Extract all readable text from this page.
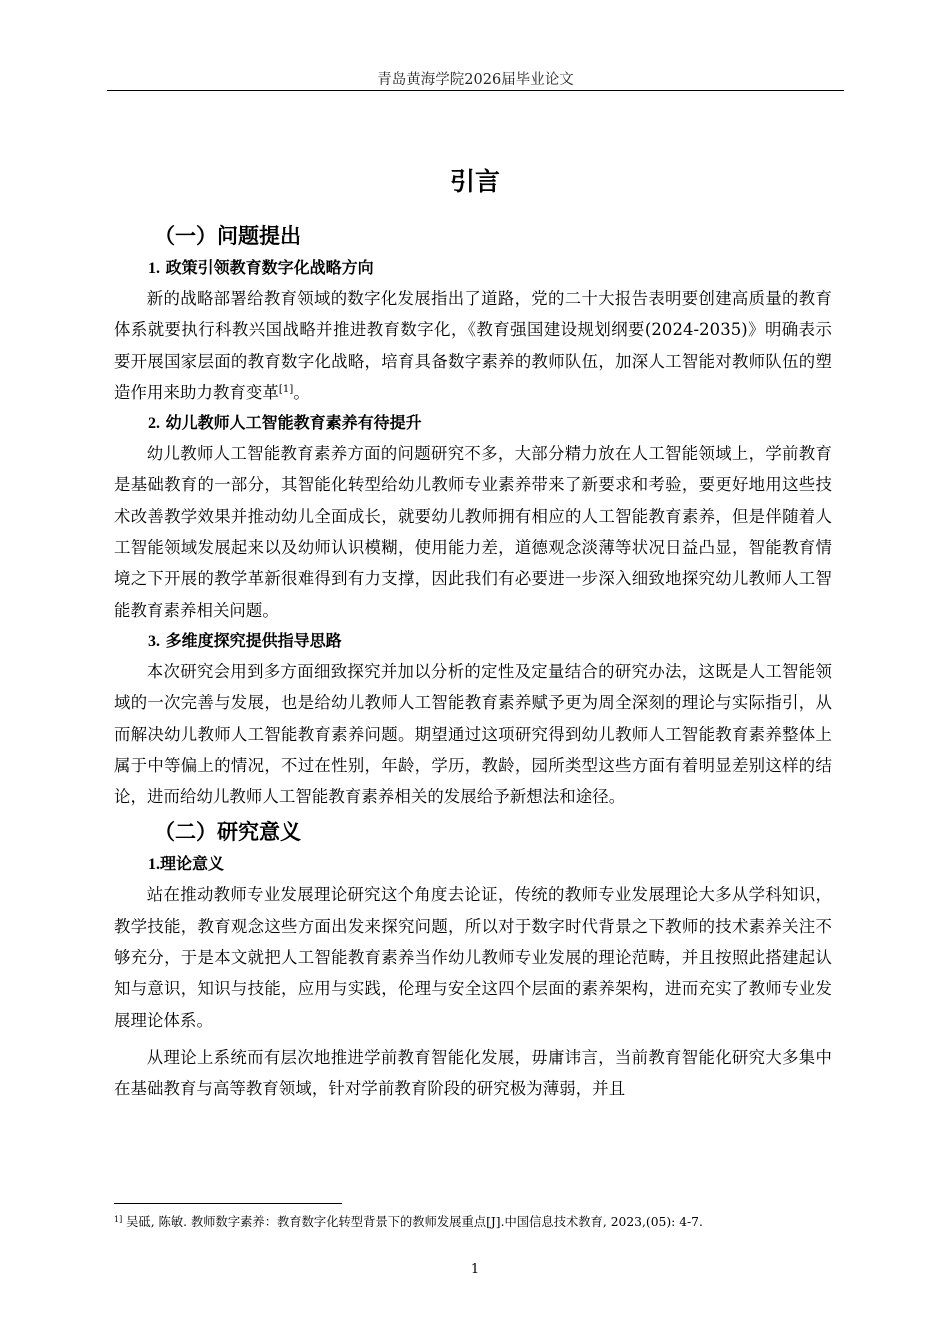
青岛黄海学院2026届毕业论文
引言
（一）问题提出
1. 政策引领教育数字化战略方向

新的战略部署给教育领域的数字化发展指出了道路，党的二十大报告表明要创建高质量的教育体系就要执行科教兴国战略并推进教育数字化，《教育强国建设规划纲要(2024-2035)》明确表示要开展国家层面的教育数字化战略，培育具备数字素养的教师队伍，加深人工智能对教师队伍的塑造作用来助力教育变革[1]。

2. 幼儿教师人工智能教育素养有待提升

幼儿教师人工智能教育素养方面的问题研究不多，大部分精力放在人工智能领域上，学前教育是基础教育的一部分，其智能化转型给幼儿教师专业素养带来了新要求和考验，要更好地用这些技术改善教学效果并推动幼儿全面成长，就要幼儿教师拥有相应的人工智能教育素养，但是伴随着人工智能领域发展起来以及幼师认识模糊，使用能力差，道德观念淡薄等状况日益凸显，智能教育情境之下开展的教学革新很难得到有力支撑，因此我们有必要进一步深入细致地探究幼儿教师人工智能教育素养相关问题。

3. 多维度探究提供指导思路

本次研究会用到多方面细致探究并加以分析的定性及定量结合的研究办法，这既是人工智能领域的一次完善与发展，也是给幼儿教师人工智能教育素养赋予更为周全深刻的理论与实际指引，从而解决幼儿教师人工智能教育素养问题。期望通过这项研究得到幼儿教师人工智能教育素养整体上属于中等偏上的情况，不过在性别，年龄，学历，教龄，园所类型这些方面有着明显差别这样的结论，进而给幼儿教师人工智能教育素养相关的发展给予新想法和途径。

（二）研究意义
1.理论意义

站在推动教师专业发展理论研究这个角度去论证，传统的教师专业发展理论大多从学科知识，教学技能，教育观念这些方面出发来探究问题，所以对于数字时代背景之下教师的技术素养关注不够充分，于是本文就把人工智能教育素养当作幼儿教师专业发展的理论范畴，并且按照此搭建起认知与意识，知识与技能，应用与实践，伦理与安全这四个层面的素养架构，进而充实了教师专业发展理论体系。

从理论上系统而有层次地推进学前教育智能化发展，毋庸讳言，当前教育智能化研究大多集中在基础教育与高等教育领域，针对学前教育阶段的研究极为薄弱，并且

$^{1]}$ 吴砥, 陈敏. 教师数字素养：教育数字化转型背景下的教师发展重点[J].中国信息技术教育, 2023,(05): 4-7.
1
